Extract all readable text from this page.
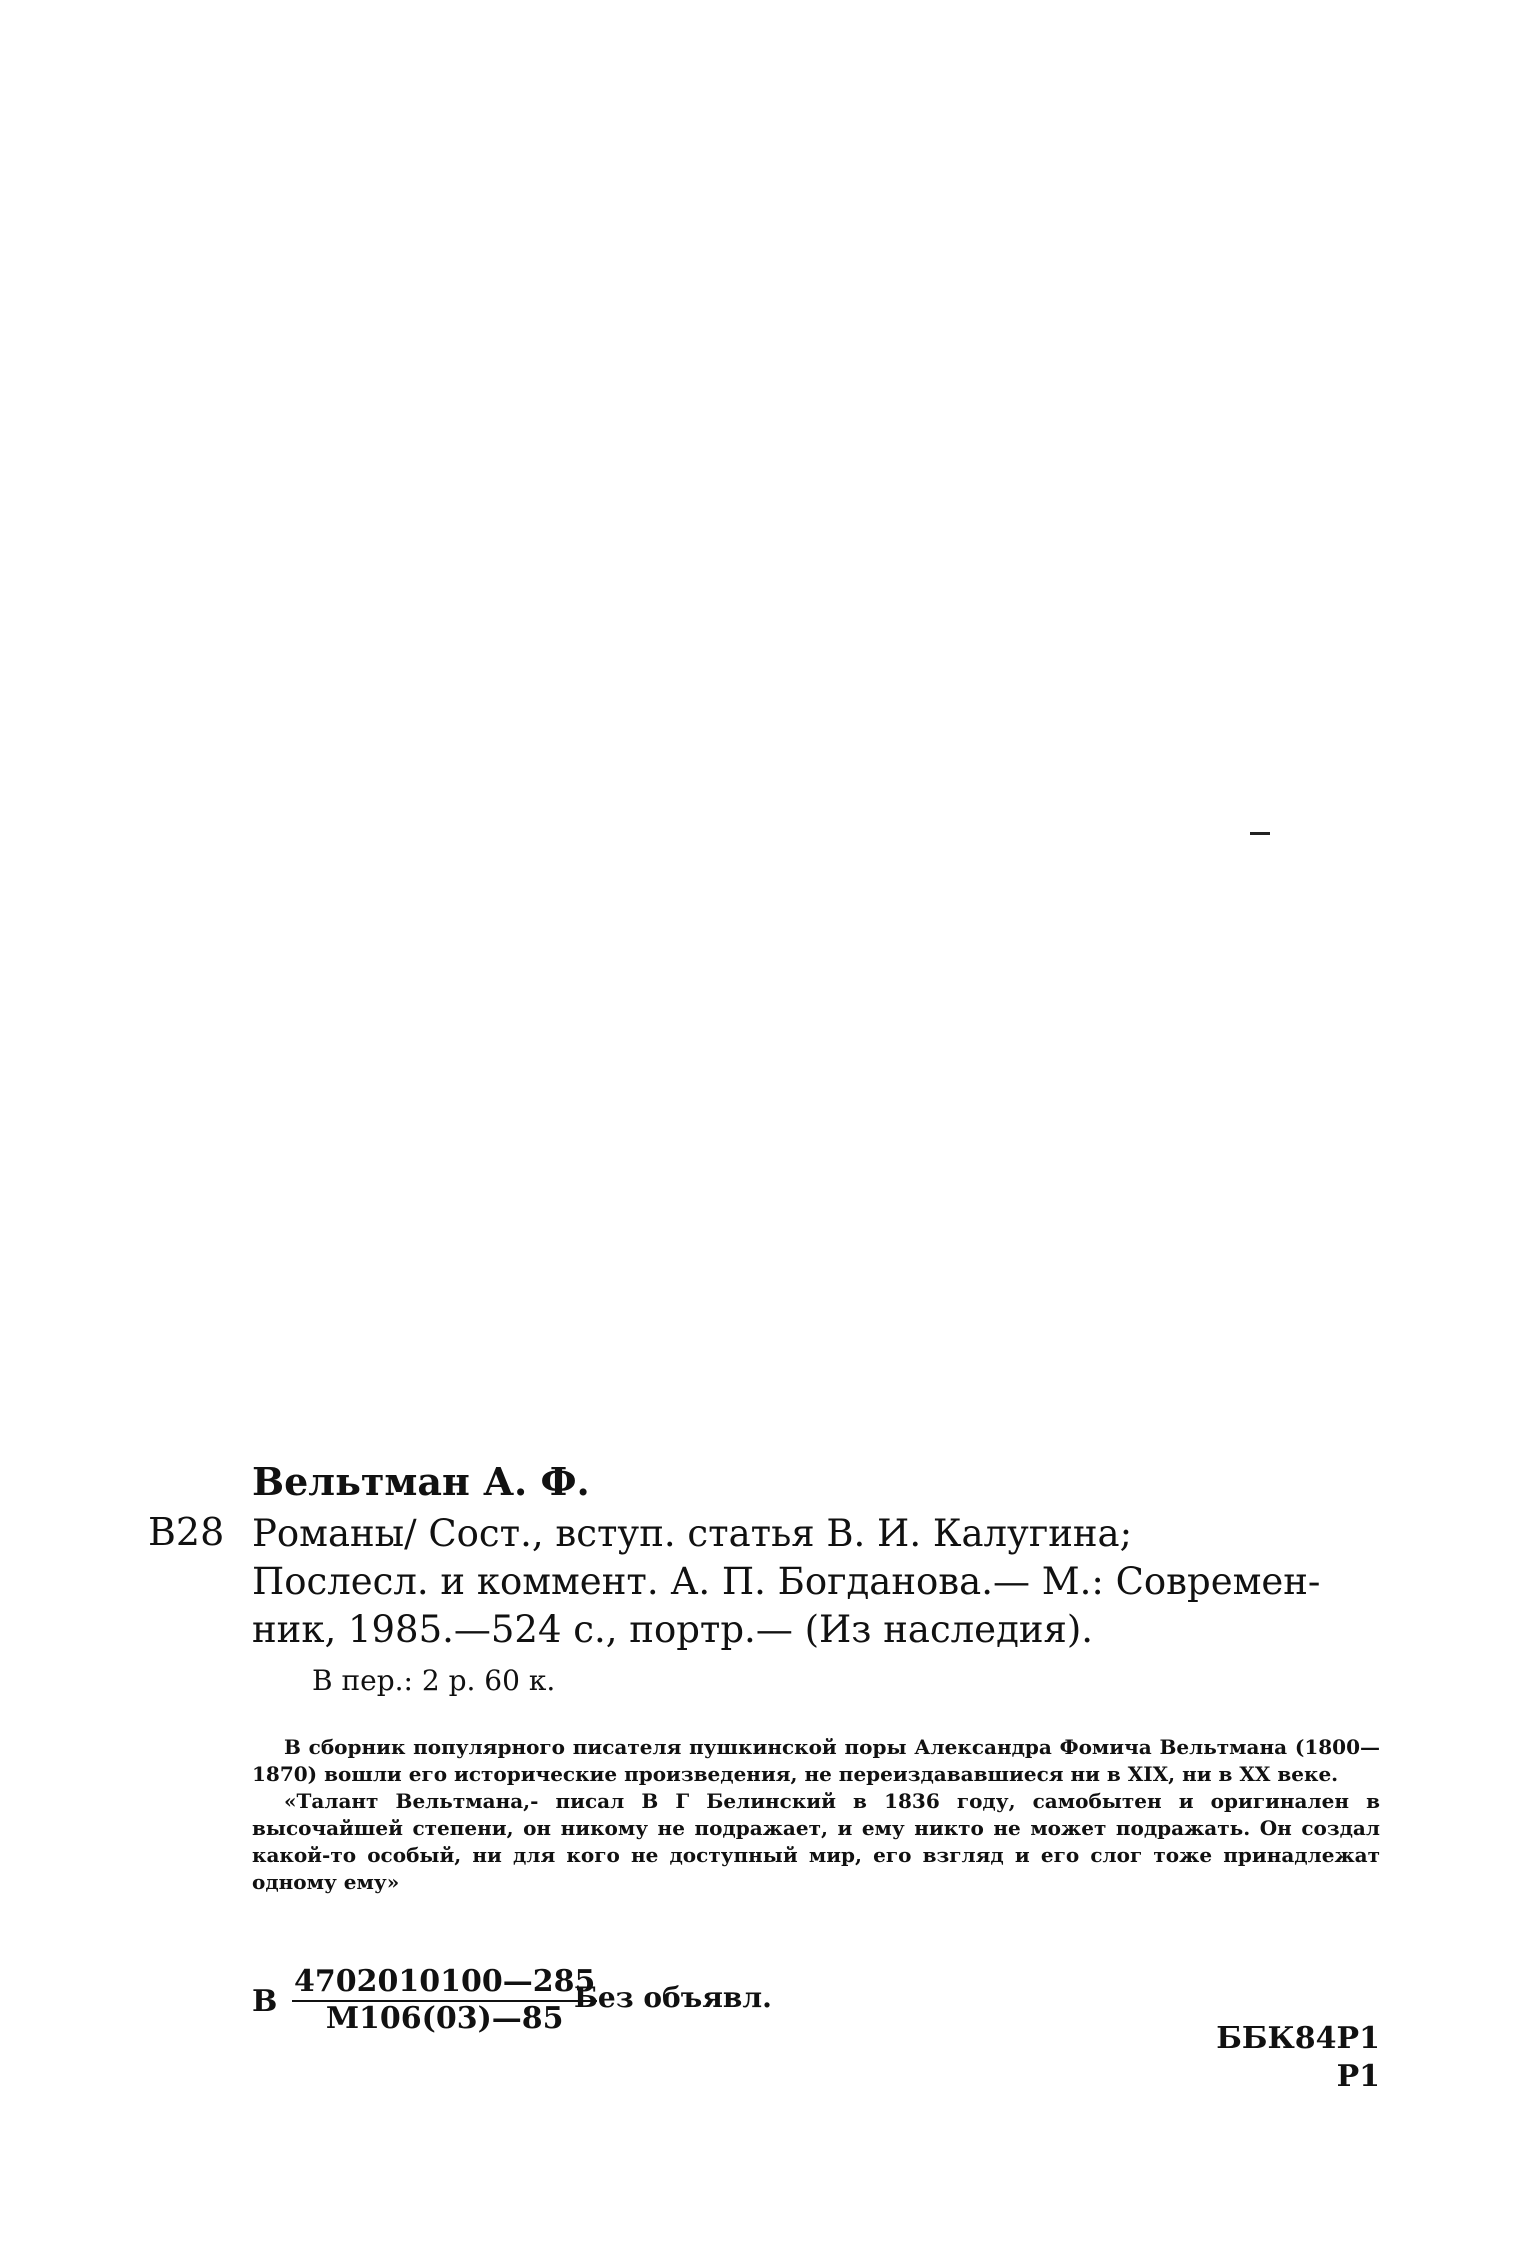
Вельтман А. Ф.
В28 Романы/ Сост., вступ. статья В. И. Калугина;
Послесл. и коммент. А. П. Богданова.— М.: Современ-
ник, 1985.—524 с., портр.— (Из наследия).
В пер.: 2 р. 60 к.

В сборник популярного писателя пушкинской поры Александра Фомича Вельтмана (1800—1870) вошли его исторические произведения, не переиздававшиеся ни в XIX, ни в XX веке.

«Талант Вельтмана,- писал В Г Белинский в 1836 году, самобытен и оригинален в высочайшей степени, он никому не подражает, и ему никто не может подражать. Он создал какой-то особый, ни для кого не доступный мир, его взгляд и его слог тоже принадлежат одному ему»

В
4702010100—285
М106(03)—85
Без объявл.
ББК84Р1
Р1
